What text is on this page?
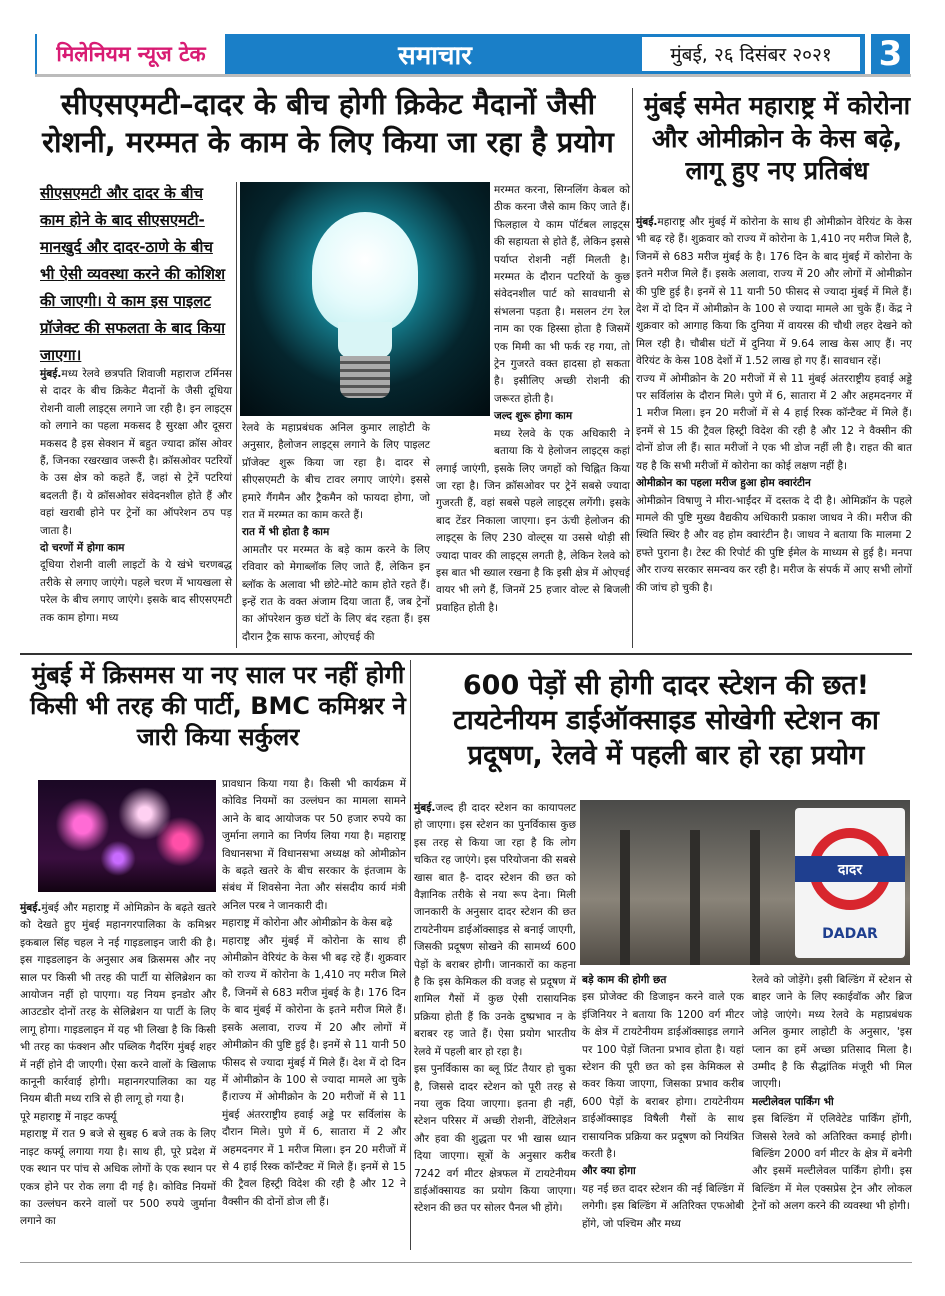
मिलेनियम न्यूज टेक	समाचार	मुंबई, २६ दिसंबर २०२१	3
सीएसएमटी–दादर के बीच होगी क्रिकेट मैदानों जैसी रोशनी, मरम्मत के काम के लिए किया जा रहा है प्रयोग
सीएसएमटी और दादर के बीच काम होने के बाद सीएसएमटी-मानखुर्द और दादर-ठाणे के बीच भी ऐसी व्यवस्था करने की कोशिश की जाएगी। ये काम इस पाइलट प्रॉजेक्ट की सफलता के बाद किया जाएगा।

मुंबई.मध्य रेलवे छत्रपति शिवाजी महाराज टर्मिनस से दादर के बीच क्रिकेट मैदानों के जैसी दूधिया रोशनी वाली लाइट्स लगाने जा रही है। इन लाइट्स को लगाने का पहला मकसद है सुरक्षा और दूसरा मकसद है इस सेक्शन में बहुत ज्यादा क्रॉस ओवर हैं, जिनका रखरखाव जरूरी है। क्रॉसओवर पटरियों के उस क्षेत्र को कहते हैं, जहां से ट्रेनें पटरियां बदलती हैं। ये क्रॉसओवर संवेदनशील होते हैं और वहां खराबी होने पर ट्रेनों का ऑपरेशन ठप पड़ जाता है।

दो चरणों में होगा काम

दूधिया रोशनी वाली लाइटों के ये खंभे चरणबद्ध तरीके से लगाए जाएंगे। पहले चरण में भायखला से परेल के बीच लगाए जाएंगे। इसके बाद सीएसएमटी तक काम होगा। मध्य

रेलवे के महाप्रबंधक अनिल कुमार लाहोटी के अनुसार, हैलोजन लाइट्स लगाने के लिए पाइलट प्रॉजेक्ट शुरू किया जा रहा है। दादर से सीएसएमटी के बीच टावर लगाए जाएंगे। इससे हमारे गैंगमैन और ट्रैकमैन को फायदा होगा, जो रात में मरम्मत का काम करते हैं।

रात में भी होता है काम

आमतौर पर मरम्मत के बड़े काम करने के लिए रविवार को मेगाब्लॉक लिए जाते हैं, लेकिन इन ब्लॉक के अलावा भी छोटे-मोटे काम होते रहते हैं। इन्हें रात के वक्त अंजाम दिया जाता हैं, जब ट्रेनों का ऑपरेशन कुछ घंटों के लिए बंद रहता हैं। इस दौरान ट्रैक साफ करना, ओएचई की

मरम्मत करना, सिग्नलिंग केबल को ठीक करना जैसे काम किए जाते हैं। फिलहाल ये काम पॉर्टबल लाइट्स की सहायता से होते हैं, लेकिन इससे पर्याप्त रोशनी नहीं मिलती है। मरम्मत के दौरान पटरियों के कुछ संवेदनशील पार्ट को सावधानी से संभलना पड़ता है। मसलन टंग रेल नाम का एक हिस्सा होता है जिसमें एक मिमी का भी फर्क रह गया, तो ट्रेन गुजरते वक्त हादसा हो सकता है। इसीलिए अच्छी रोशनी की जरूरत होती है।

जल्द शुरू होगा काम

मध्य रेलवे के एक अधिकारी ने बताया कि ये हेलोजन लाइट्स कहां लगाई जाएंगी, इसके लिए जगहों को चिह्नित किया जा रहा है। जिन क्रॉसओवर पर ट्रेनें सबसे ज्यादा गुजरती हैं, वहां सबसे पहले लाइट्स लगेंगी। इसके बाद टेंडर निकाला जाएगा। इन ऊंची हेलोजन की लाइट्स के लिए 230 वोल्ट्स या उससे थोड़ी सी ज्यादा पावर की लाइट्स लगती है, लेकिन रेलवे को इस बात भी ख्याल रखना है कि इसी क्षेत्र में ओएचई वायर भी लगे हैं, जिनमें 25 हजार वोल्ट से बिजली प्रवाहित होती है।

मुंबई समेत महाराष्ट्र में कोरोना और ओमीक्रोन के केस बढ़े, लागू हुए नए प्रतिबंध

मुंबई.महाराष्ट्र और मुंबई में कोरोना के साथ ही ओमीक्रोन वेरियंट के केस भी बढ़ रहे हैं। शुक्रवार को राज्य में कोरोना के 1,410 नए मरीज मिले है, जिनमें से 683 मरीज मुंबई के है। 176 दिन के बाद मुंबई में कोरोना के इतने मरीज मिले हैं। इसके अलावा, राज्य में 20 और लोगों में ओमीक्रोन की पुष्टि हुई है। इनमें से 11 यानी 50 फीसद से ज्यादा मुंबई में मिले हैं। देश में दो दिन में ओमीक्रोन के 100 से ज्यादा मामले आ चुके हैं। केंद्र ने शुक्रवार को आगाह किया कि दुनिया में वायरस की चौथी लहर देखने को मिल रही है। चौबीस घंटों में दुनिया में 9.64 लाख केस आए हैं। नए वेरियंट के केस 108 देशों में 1.52 लाख हो गए हैं। सावधान रहें।

राज्य में ओमीक्रोन के 20 मरीजों में से 11 मुंबई अंतरराष्ट्रीय हवाई अड्डे पर सर्विलांस के दौरान मिले। पुणे में 6, सातारा में 2 और अहमदनगर में 1 मरीज मिला। इन 20 मरीजों में से 4 हाई रिस्क कॉन्टैक्ट में मिले हैं। इनमें से 15 की ट्रैवल हिस्ट्री विदेश की रही है और 12 ने वैक्सीन की दोनों डोज ली हैं। सात मरीजों ने एक भी डोज नहीं ली है। राहत की बात यह है कि सभी मरीजों में कोरोना का कोई लक्षण नहीं है।

ओमीक्रोन का पहला मरीज हुआ होम क्वारंटीन

ओमीक्रोन विषाणु ने मीरा-भाईंदर में दस्तक दे दी है। ओमिक्रॉन के पहले मामले की पुष्टि मुख्य वैद्यकीय अधिकारी प्रकाश जाधव ने की। मरीज की स्थिति स्थिर है और वह होम क्वारंटीन है। जाधव ने बताया कि मालमा 2 हफ्ते पुराना है। टेस्ट की रिपोर्ट की पुष्टि ईमेल के माध्यम से हुई है। मनपा और राज्य सरकार समन्वय कर रही है। मरीज के संपर्क में आए सभी लोगों की जांच हो चुकी है।

मुंबई में क्रिसमस या नए साल पर नहीं होगी किसी भी तरह की पार्टी, BMC कमिश्नर ने जारी किया सर्कुलर

मुंबई.मुंबई और महाराष्ट्र में ओमिक्रोन के बढ़ते खतरे को देखते हुए मुंबई महानगरपालिका के कमिश्नर इकबाल सिंह चहल ने नई गाइडलाइन जारी की है। इस गाइडलाइन के अनुसार अब क्रिसमस और नए साल पर किसी भी तरह की पार्टी या सेलिब्रेशन का आयोजन नहीं हो पाएगा। यह नियम इनडोर और आउटडोर दोनों तरह के सेलिब्रेशन या पार्टी के लिए लागू होगा। गाइडलाइन में यह भी लिखा है कि किसी भी तरह का फंक्शन और पब्लिक गैदरिंग मुंबई शहर में नहीं होने दी जाएगी। ऐसा करने वालों के खिलाफ कानूनी कार्रवाई होगी। महानगरपालिका का यह नियम बीती मध्य रात्रि से ही लागू हो गया है।

पूरे महाराष्ट्र में नाइट कर्फ्यू

महाराष्ट्र में रात 9 बजे से सुबह 6 बजे तक के लिए नाइट कर्फ्यू लगाया गया है। साथ ही, पूरे प्रदेश में एक स्थान पर पांच से अधिक लोगों के एक स्थान पर एकत्र होने पर रोक लगा दी गई है। कोविड नियमों का उल्लंघन करने वालों पर 500 रुपये जुर्माना लगाने का

प्रावधान किया गया है। किसी भी कार्यक्रम में कोविड नियमों का उल्लंघन का मामला सामने आने के बाद आयोजक पर 50 हजार रुपये का जुर्माना लगाने का निर्णय लिया गया है। महाराष्ट्र विधानसभा में विधानसभा अध्यक्ष को ओमीक्रोन के बढ़ते खतरे के बीच सरकार के इंतजाम के संबंध में शिवसेना नेता और संसदीय कार्य मंत्री अनिल परब ने जानकारी दी।

महाराष्ट्र में कोरोना और ओमीक्रोन के केस बढ़े

महाराष्ट्र और मुंबई में कोरोना के साथ ही ओमीक्रोन वेरियंट के केस भी बढ़ रहे हैं। शुक्रवार को राज्य में कोरोना के 1,410 नए मरीज मिले है, जिनमें से 683 मरीज मुंबई के है। 176 दिन के बाद मुंबई में कोरोना के इतने मरीज मिले हैं। इसके अलावा, राज्य में 20 और लोगों में ओमीक्रोन की पुष्टि हुई है। इनमें से 11 यानी 50 फीसद से ज्यादा मुंबई में मिले हैं। देश में दो दिन में ओमीक्रोन के 100 से ज्यादा मामले आ चुके हैं।राज्य में ओमीक्रोन के 20 मरीजों में से 11 मुंबई अंतरराष्ट्रीय हवाई अड्डे पर सर्विलांस के दौरान मिले। पुणे में 6, सातारा में 2 और अहमदनगर में 1 मरीज मिला। इन 20 मरीजों में से 4 हाई रिस्क कॉन्टैक्ट में मिले हैं। इनमें से 15 की ट्रैवल हिस्ट्री विदेश की रही है और 12 ने वैक्सीन की दोनों डोज ली हैं।

600 पेड़ों सी होगी दादर स्टेशन की छत! टायटेनीयम डाईऑक्साइड सोखेगी स्टेशन का प्रदूषण, रेलवे में पहली बार हो रहा प्रयोग

मुंबई.जल्द ही दादर स्टेशन का कायापलट हो जाएगा। इस स्टेशन का पुनर्विकास कुछ इस तरह से किया जा रहा है कि लोग चकित रह जाएंगे। इस परियोजना की सबसे खास बात है- दादर स्टेशन की छत को वैज्ञानिक तरीके से नया रूप देना। मिली जानकारी के अनुसार दादर स्टेशन की छत टायटेनीयम डाईऑक्साइड से बनाई जाएगी, जिसकी प्रदूषण सोखने की सामर्थ्य 600 पेड़ों के बराबर होगी। जानकारों का कहना है कि इस केमिकल की वजह से प्रदूषण में शामिल गैसों में कुछ ऐसी रासायनिक प्रक्रिया होती हैं कि उनके दुष्प्रभाव न के बराबर रह जाते हैं। ऐसा प्रयोग भारतीय रेलवे में पहली बार हो रहा है।

इस पुनर्विकास का ब्लू प्रिंट तैयार हो चुका है, जिससे दादर स्टेशन को पूरी तरह से नया लुक दिया जाएगा। इतना ही नहीं, स्टेशन परिसर में अच्छी रोशनी, वेंटिलेशन और हवा की शुद्धता पर भी खास ध्यान दिया जाएगा। सूत्रों के अनुसार करीब 7242 वर्ग मीटर क्षेत्रफल में टायटेनीयम डाईऑक्सायड का प्रयोग किया जाएगा। स्टेशन की छत पर सोलर पैनल भी होंगे।

दादर
DADAR

बड़े काम की होगी छत

इस प्रोजेक्ट की डिजाइन करने वाले एक इंजिनियर ने बताया कि 1200 वर्ग मीटर के क्षेत्र में टायटेनीयम डाईऑक्साइड लगाने पर 100 पेड़ों जितना प्रभाव होता है। यहां स्टेशन की पूरी छत को इस केमिकल से कवर किया जाएगा, जिसका प्रभाव करीब 600 पेड़ों के बराबर होगा। टायटेनीयम डाईऑक्साइड विषैली गैसों के साथ रासायनिक प्रक्रिया कर प्रदूषण को नियंत्रित करती है।

और क्या होगा

यह नई छत दादर स्टेशन की नई बिल्डिंग में लगेगी। इस बिल्डिंग में अतिरिक्त एफओबी होंगे, जो पश्चिम और मध्य

रेलवे को जोड़ेंगे। इसी बिल्डिंग में स्टेशन से बाहर जाने के लिए स्काईवॉक और ब्रिज जोड़े जाएंगे। मध्य रेलवे के महाप्रबंधक अनिल कुमार लाहोटी के अनुसार, 'इस प्लान का हमें अच्छा प्रतिसाद मिला है। उम्मीद है कि सैद्धांतिक मंजूरी भी मिल जाएगी।

मल्टीलेवल पार्किंग भी

इस बिल्डिंग में एलिवेटेड पार्किंग होंगी, जिससे रेलवे को अतिरिक्त कमाई होगी। बिल्डिंग 2000 वर्ग मीटर के क्षेत्र में बनेगी और इसमें मल्टीलेवल पार्किंग होगी। इस बिल्डिंग में मेल एक्सप्रेस ट्रेन और लोकल ट्रेनों को अलग करने की व्यवस्था भी होगी।
